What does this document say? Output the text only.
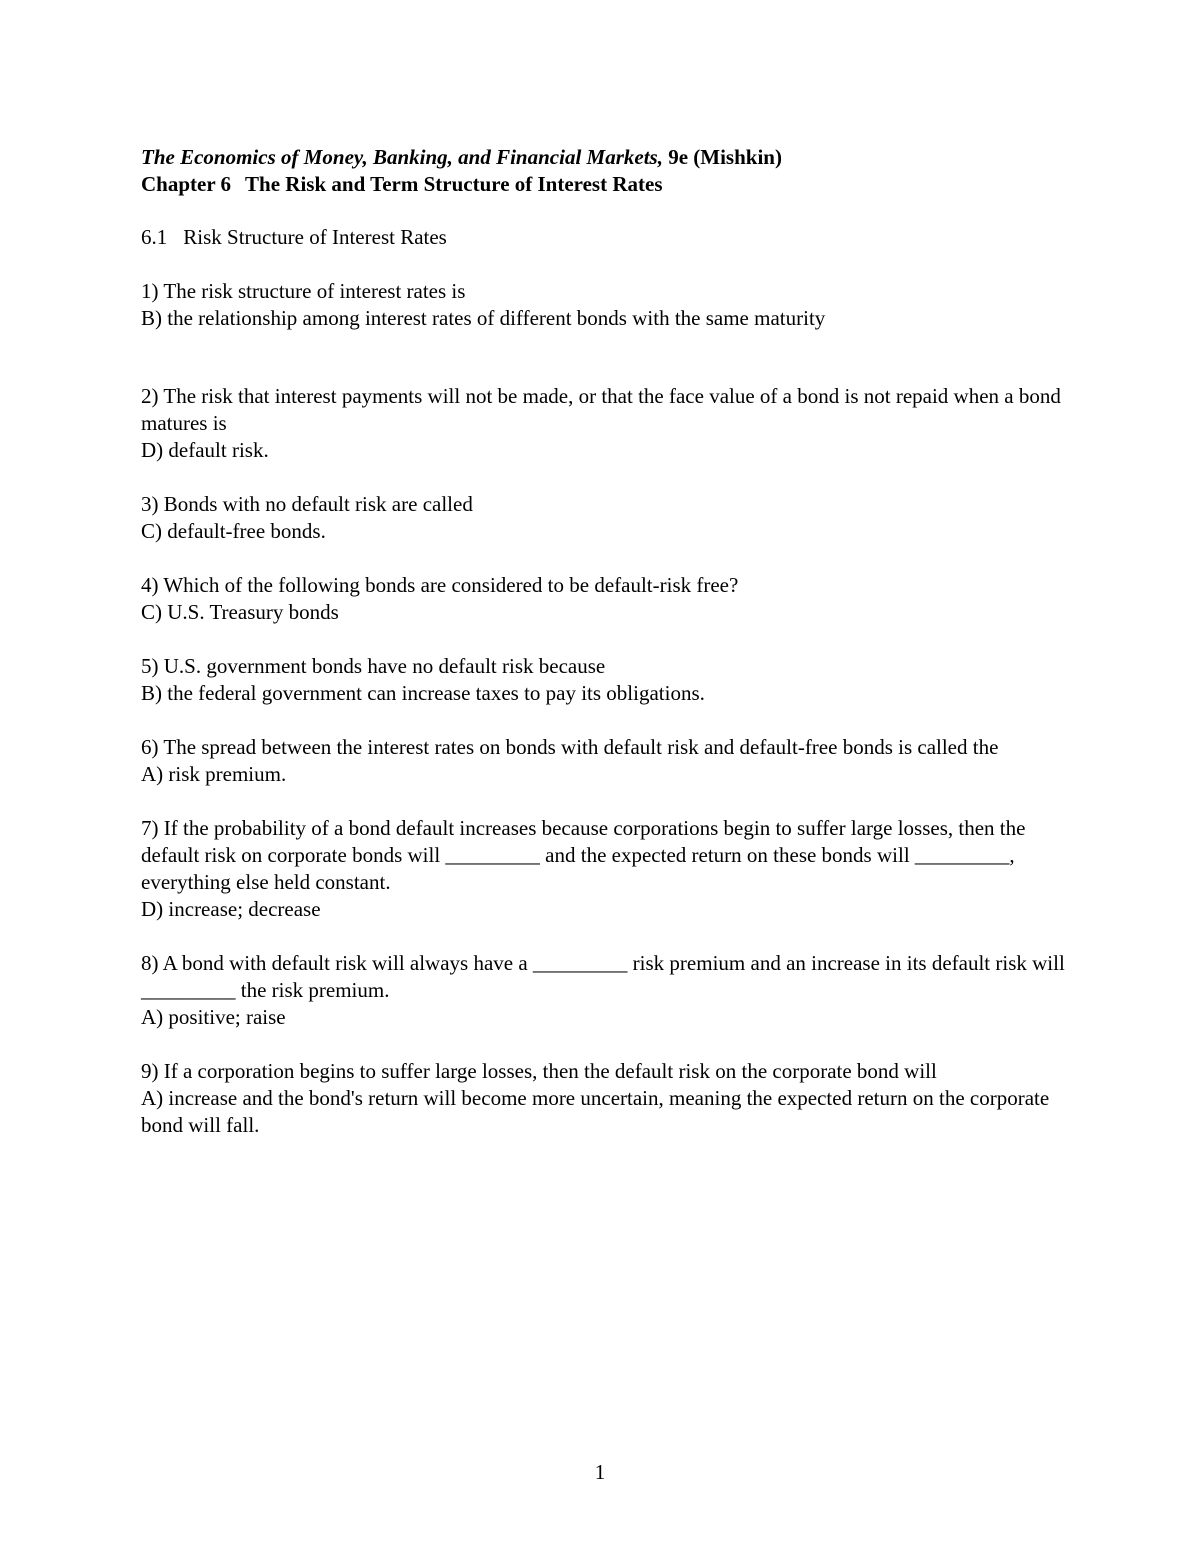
The Economics of Money, Banking, and Financial Markets, 9e (Mishkin)
Chapter 6 The Risk and Term Structure of Interest Rates
6.1 Risk Structure of Interest Rates
1) The risk structure of interest rates is
B) the relationship among interest rates of different bonds with the same maturity
2) The risk that interest payments will not be made, or that the face value of a bond is not repaid when a bond matures is
D) default risk.
3) Bonds with no default risk are called
C) default-free bonds.
4) Which of the following bonds are considered to be default-risk free?
C) U.S. Treasury bonds
5) U.S. government bonds have no default risk because
B) the federal government can increase taxes to pay its obligations.
6) The spread between the interest rates on bonds with default risk and default-free bonds is called the
A) risk premium.
7) If the probability of a bond default increases because corporations begin to suffer large losses, then the default risk on corporate bonds will _________ and the expected return on these bonds will _________, everything else held constant.
D) increase; decrease
8) A bond with default risk will always have a _________ risk premium and an increase in its default risk will _________ the risk premium.
A) positive; raise
9) If a corporation begins to suffer large losses, then the default risk on the corporate bond will
A) increase and the bond's return will become more uncertain, meaning the expected return on the corporate bond will fall.
1
